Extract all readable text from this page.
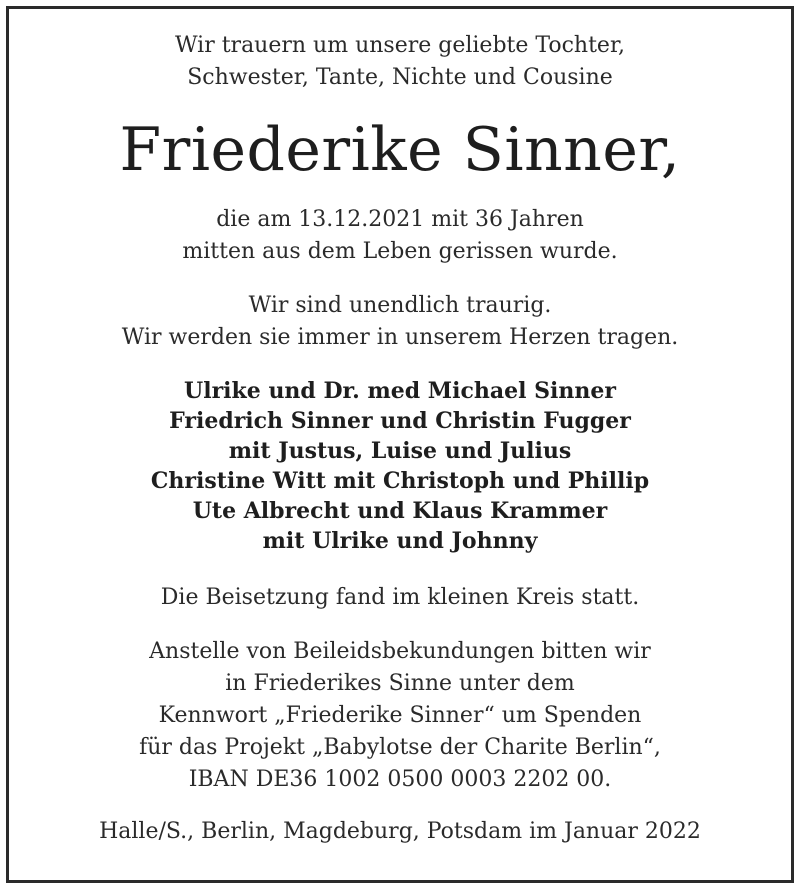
Wir trauern um unsere geliebte Tochter,
Schwester, Tante, Nichte und Cousine
Friederike Sinner,
die am 13.12.2021 mit 36 Jahren
mitten aus dem Leben gerissen wurde.
Wir sind unendlich traurig.
Wir werden sie immer in unserem Herzen tragen.
Ulrike und Dr. med Michael Sinner
Friedrich Sinner und Christin Fugger
mit Justus, Luise und Julius
Christine Witt mit Christoph und Phillip
Ute Albrecht und Klaus Krammer
mit Ulrike und Johnny
Die Beisetzung fand im kleinen Kreis statt.
Anstelle von Beileidsbekundungen bitten wir
in Friederikes Sinne unter dem
Kennwort „Friederike Sinner“ um Spenden
für das Projekt „Babylotse der Charite Berlin“,
IBAN DE36 1002 0500 0003 2202 00.
Halle/S., Berlin, Magdeburg, Potsdam im Januar 2022
